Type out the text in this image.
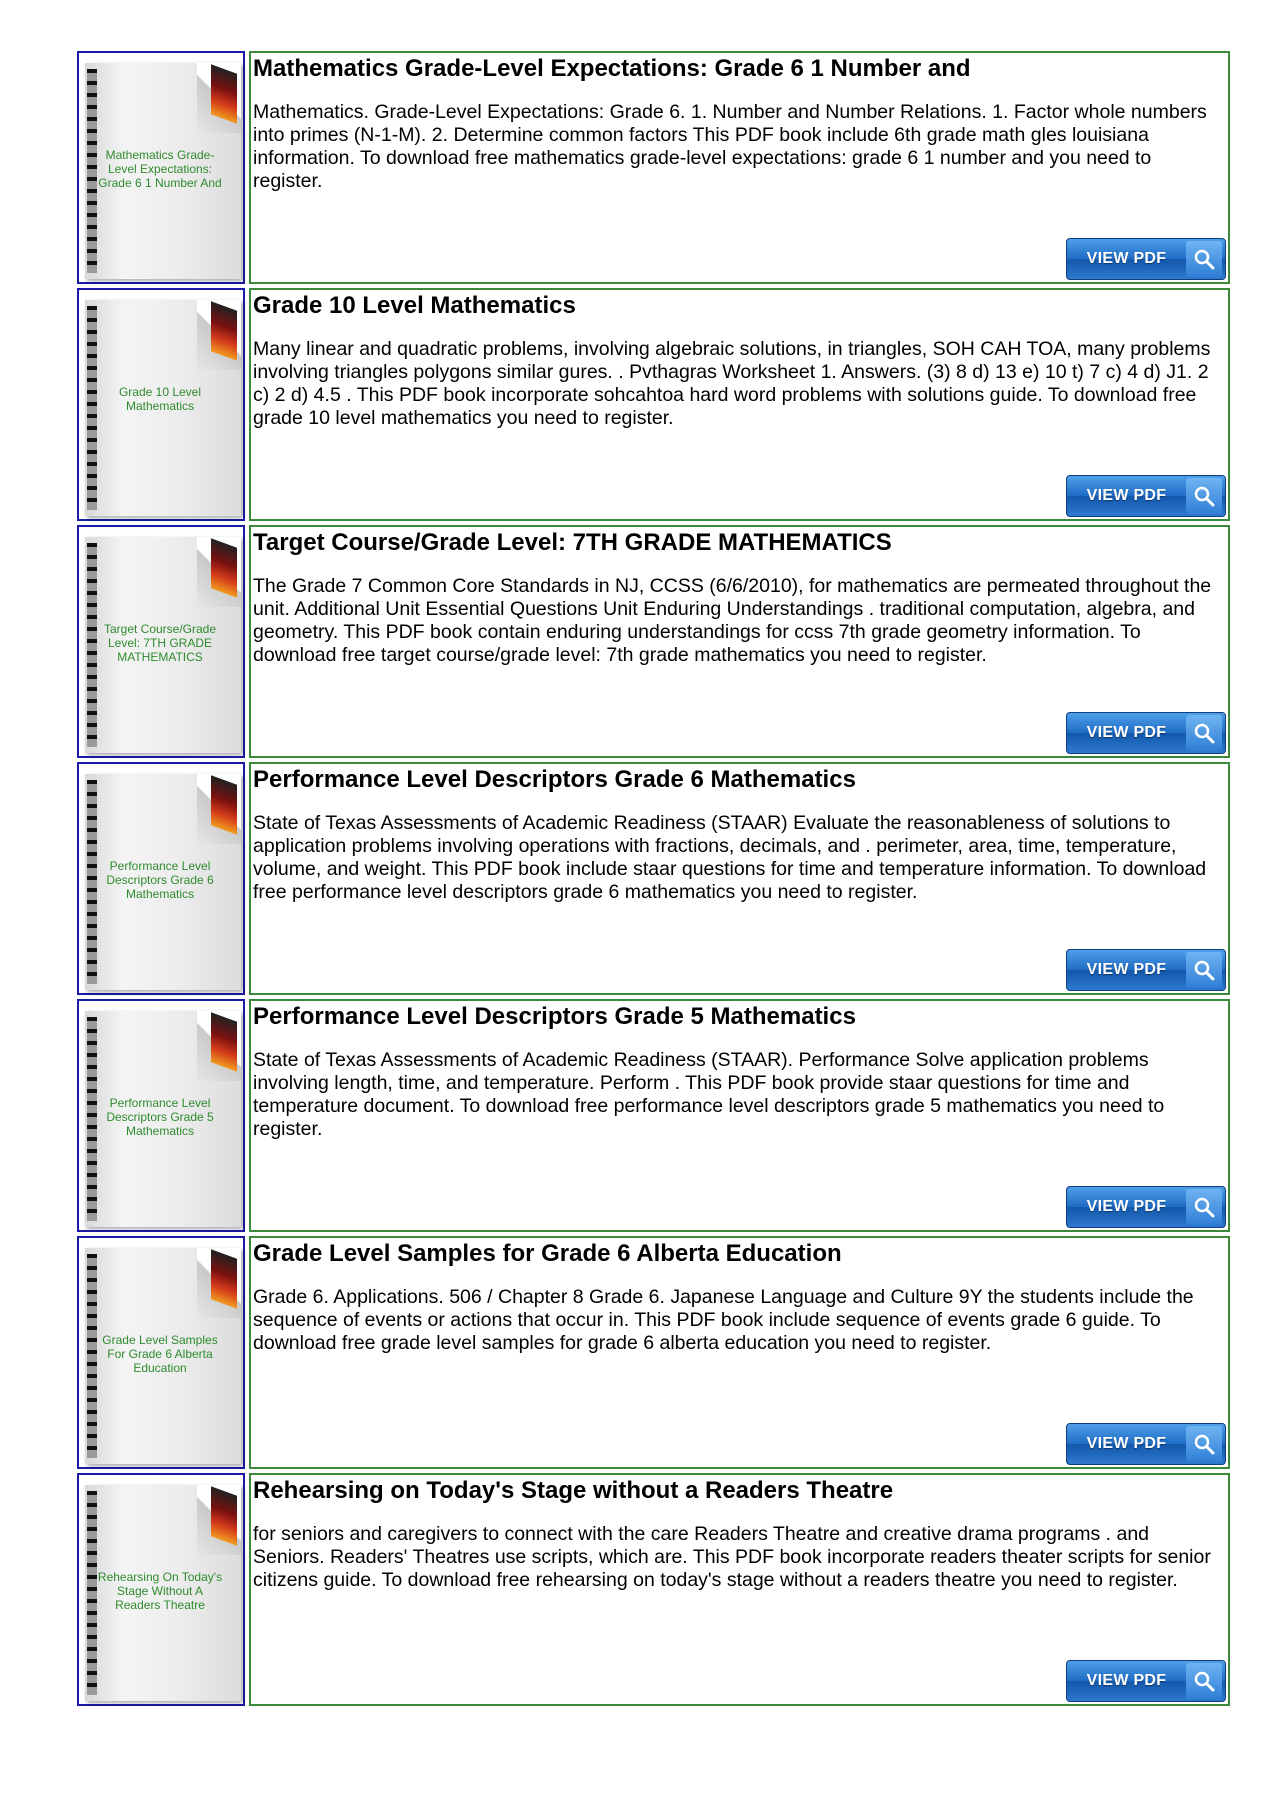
Mathematics Grade-Level Expectations: Grade 6 1 Number And
Mathematics Grade-Level Expectations: Grade 6 1 Number and

Mathematics. Grade-Level Expectations: Grade 6. 1. Number and Number Relations. 1. Factor whole numbers into primes (N-1-M). 2. Determine common factors This PDF book include 6th grade math gles louisiana information. To download free mathematics grade-level expectations: grade 6 1 number and you need to register.

VIEW PDF
Grade 10 Level Mathematics
Grade 10 Level Mathematics

Many linear and quadratic problems, involving algebraic solutions, in triangles, SOH CAH TOA, many problems involving triangles polygons similar gures. . Pvthagras Worksheet 1. Answers. (3) 8 d) 13 e) 10 t) 7 c) 4 d) J1. 2 c) 2 d) 4.5 . This PDF book incorporate sohcahtoa hard word problems with solutions guide. To download free grade 10 level mathematics you need to register.

VIEW PDF
Target Course/Grade Level: 7TH GRADE MATHEMATICS
Target Course/Grade Level: 7TH GRADE MATHEMATICS

The Grade 7 Common Core Standards in NJ, CCSS (6/6/2010), for mathematics are permeated throughout the unit. Additional Unit Essential Questions Unit Enduring Understandings . traditional computation, algebra, and geometry. This PDF book contain enduring understandings for ccss 7th grade geometry information. To download free target course/grade level: 7th grade mathematics you need to register.

VIEW PDF
Performance Level Descriptors Grade 6 Mathematics
Performance Level Descriptors Grade 6 Mathematics

State of Texas Assessments of Academic Readiness (STAAR) Evaluate the reasonableness of solutions to application problems involving operations with fractions, decimals, and . perimeter, area, time, temperature, volume, and weight. This PDF book include staar questions for time and temperature information. To download free performance level descriptors grade 6 mathematics you need to register.

VIEW PDF
Performance Level Descriptors Grade 5 Mathematics
Performance Level Descriptors Grade 5 Mathematics

State of Texas Assessments of Academic Readiness (STAAR). Performance Solve application problems involving length, time, and temperature. Perform . This PDF book provide staar questions for time and temperature document. To download free performance level descriptors grade 5 mathematics you need to register.

VIEW PDF
Grade Level Samples For Grade 6 Alberta Education
Grade Level Samples for Grade 6 Alberta Education

Grade 6. Applications. 506 / Chapter 8 Grade 6. Japanese Language and Culture 9Y the students include the sequence of events or actions that occur in. This PDF book include sequence of events grade 6 guide. To download free grade level samples for grade 6 alberta education you need to register.

VIEW PDF
Rehearsing On Today's Stage Without A Readers Theatre
Rehearsing on Today's Stage without a Readers Theatre

for seniors and caregivers to connect with the care Readers Theatre and creative drama programs . and Seniors. Readers' Theatres use scripts, which are. This PDF book incorporate readers theater scripts for senior citizens guide. To download free rehearsing on today's stage without a readers theatre you need to register.

VIEW PDF
